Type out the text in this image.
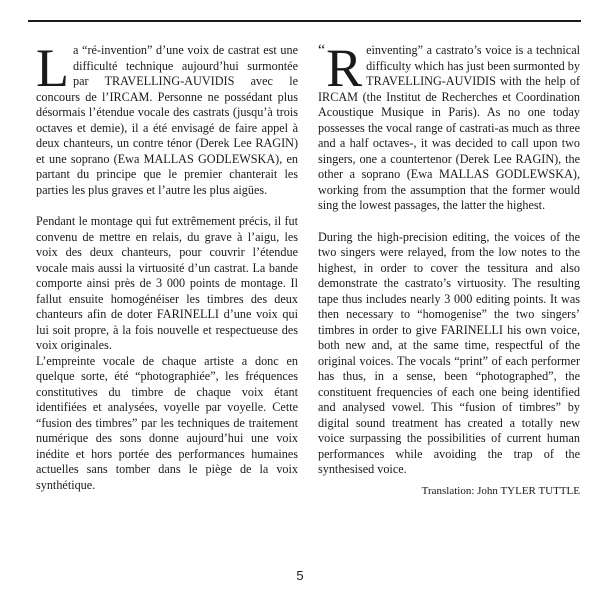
La “ré-invention” d’une voix de castrat est une difficulté technique aujourd’hui surmontée par TRAVELLING-AUVIDIS avec le concours de l’IRCAM. Personne ne possédant plus désormais l’étendue vocale des castrats (jusqu’à trois octaves et demie), il a été envisagé de faire appel à deux chanteurs, un contre ténor (Derek Lee RAGIN) et une soprano (Ewa MALLAS GODLEWSKA), en partant du principe que le premier chanterait les parties les plus graves et l’autre les plus aigües.

Pendant le montage qui fut extrêmement précis, il fut convenu de mettre en relais, du grave à l’aigu, les voix des deux chanteurs, pour couvrir l’étendue vocale mais aussi la virtuosité d’un castrat. La bande comporte ainsi près de 3 000 points de montage. Il fallut ensuite homogénéiser les timbres des deux chanteurs afin de doter FARINELLI d’une voix qui lui soit propre, à la fois nouvelle et respectueuse des voix originales.

L’empreinte vocale de chaque artiste a donc en quelque sorte, été “photographiée”, les fréquences constitutives du timbre de chaque voix étant identifiées et analysées, voyelle par voyelle. Cette “fusion des timbres” par les techniques de traitement numérique des sons donne aujourd’hui une voix inédite et hors portée des performances humaines actuelles sans tomber dans le piège de la voix synthétique.

“ R einventing” a castrato’s voice is a technical difficulty which has just been surmonted by TRAVELLING-AUVIDIS with the help of IRCAM (the Institut de Recherches et Coordination Acoustique Musique in Paris). As no one today possesses the vocal range of castrati-as much as three and a half octaves-, it was decided to call upon two singers, one a countertenor (Derek Lee RAGIN), the other a soprano (Ewa MALLAS GODLEWSKA), working from the assumption that the former would sing the lowest passages, the latter the highest.

During the high-precision editing, the voices of the two singers were relayed, from the low notes to the highest, in order to cover the tessitura and also demonstrate the castrato’s virtuosity. The resulting tape thus includes nearly 3 000 editing points. It was then necessary to “homogenise” the two singers’ timbres in order to give FARINELLI his own voice, both new and, at the same time, respectful of the original voices. The vocals “print” of each performer has thus, in a sense, been “photographed”, the constituent frequencies of each one being identified and analysed vowel. This “fusion of timbres” by digital sound treatment has created a totally new voice surpassing the possibilities of current human performances while avoiding the trap of the synthesised voice.

Translation: John TYLER TUTTLE
5
